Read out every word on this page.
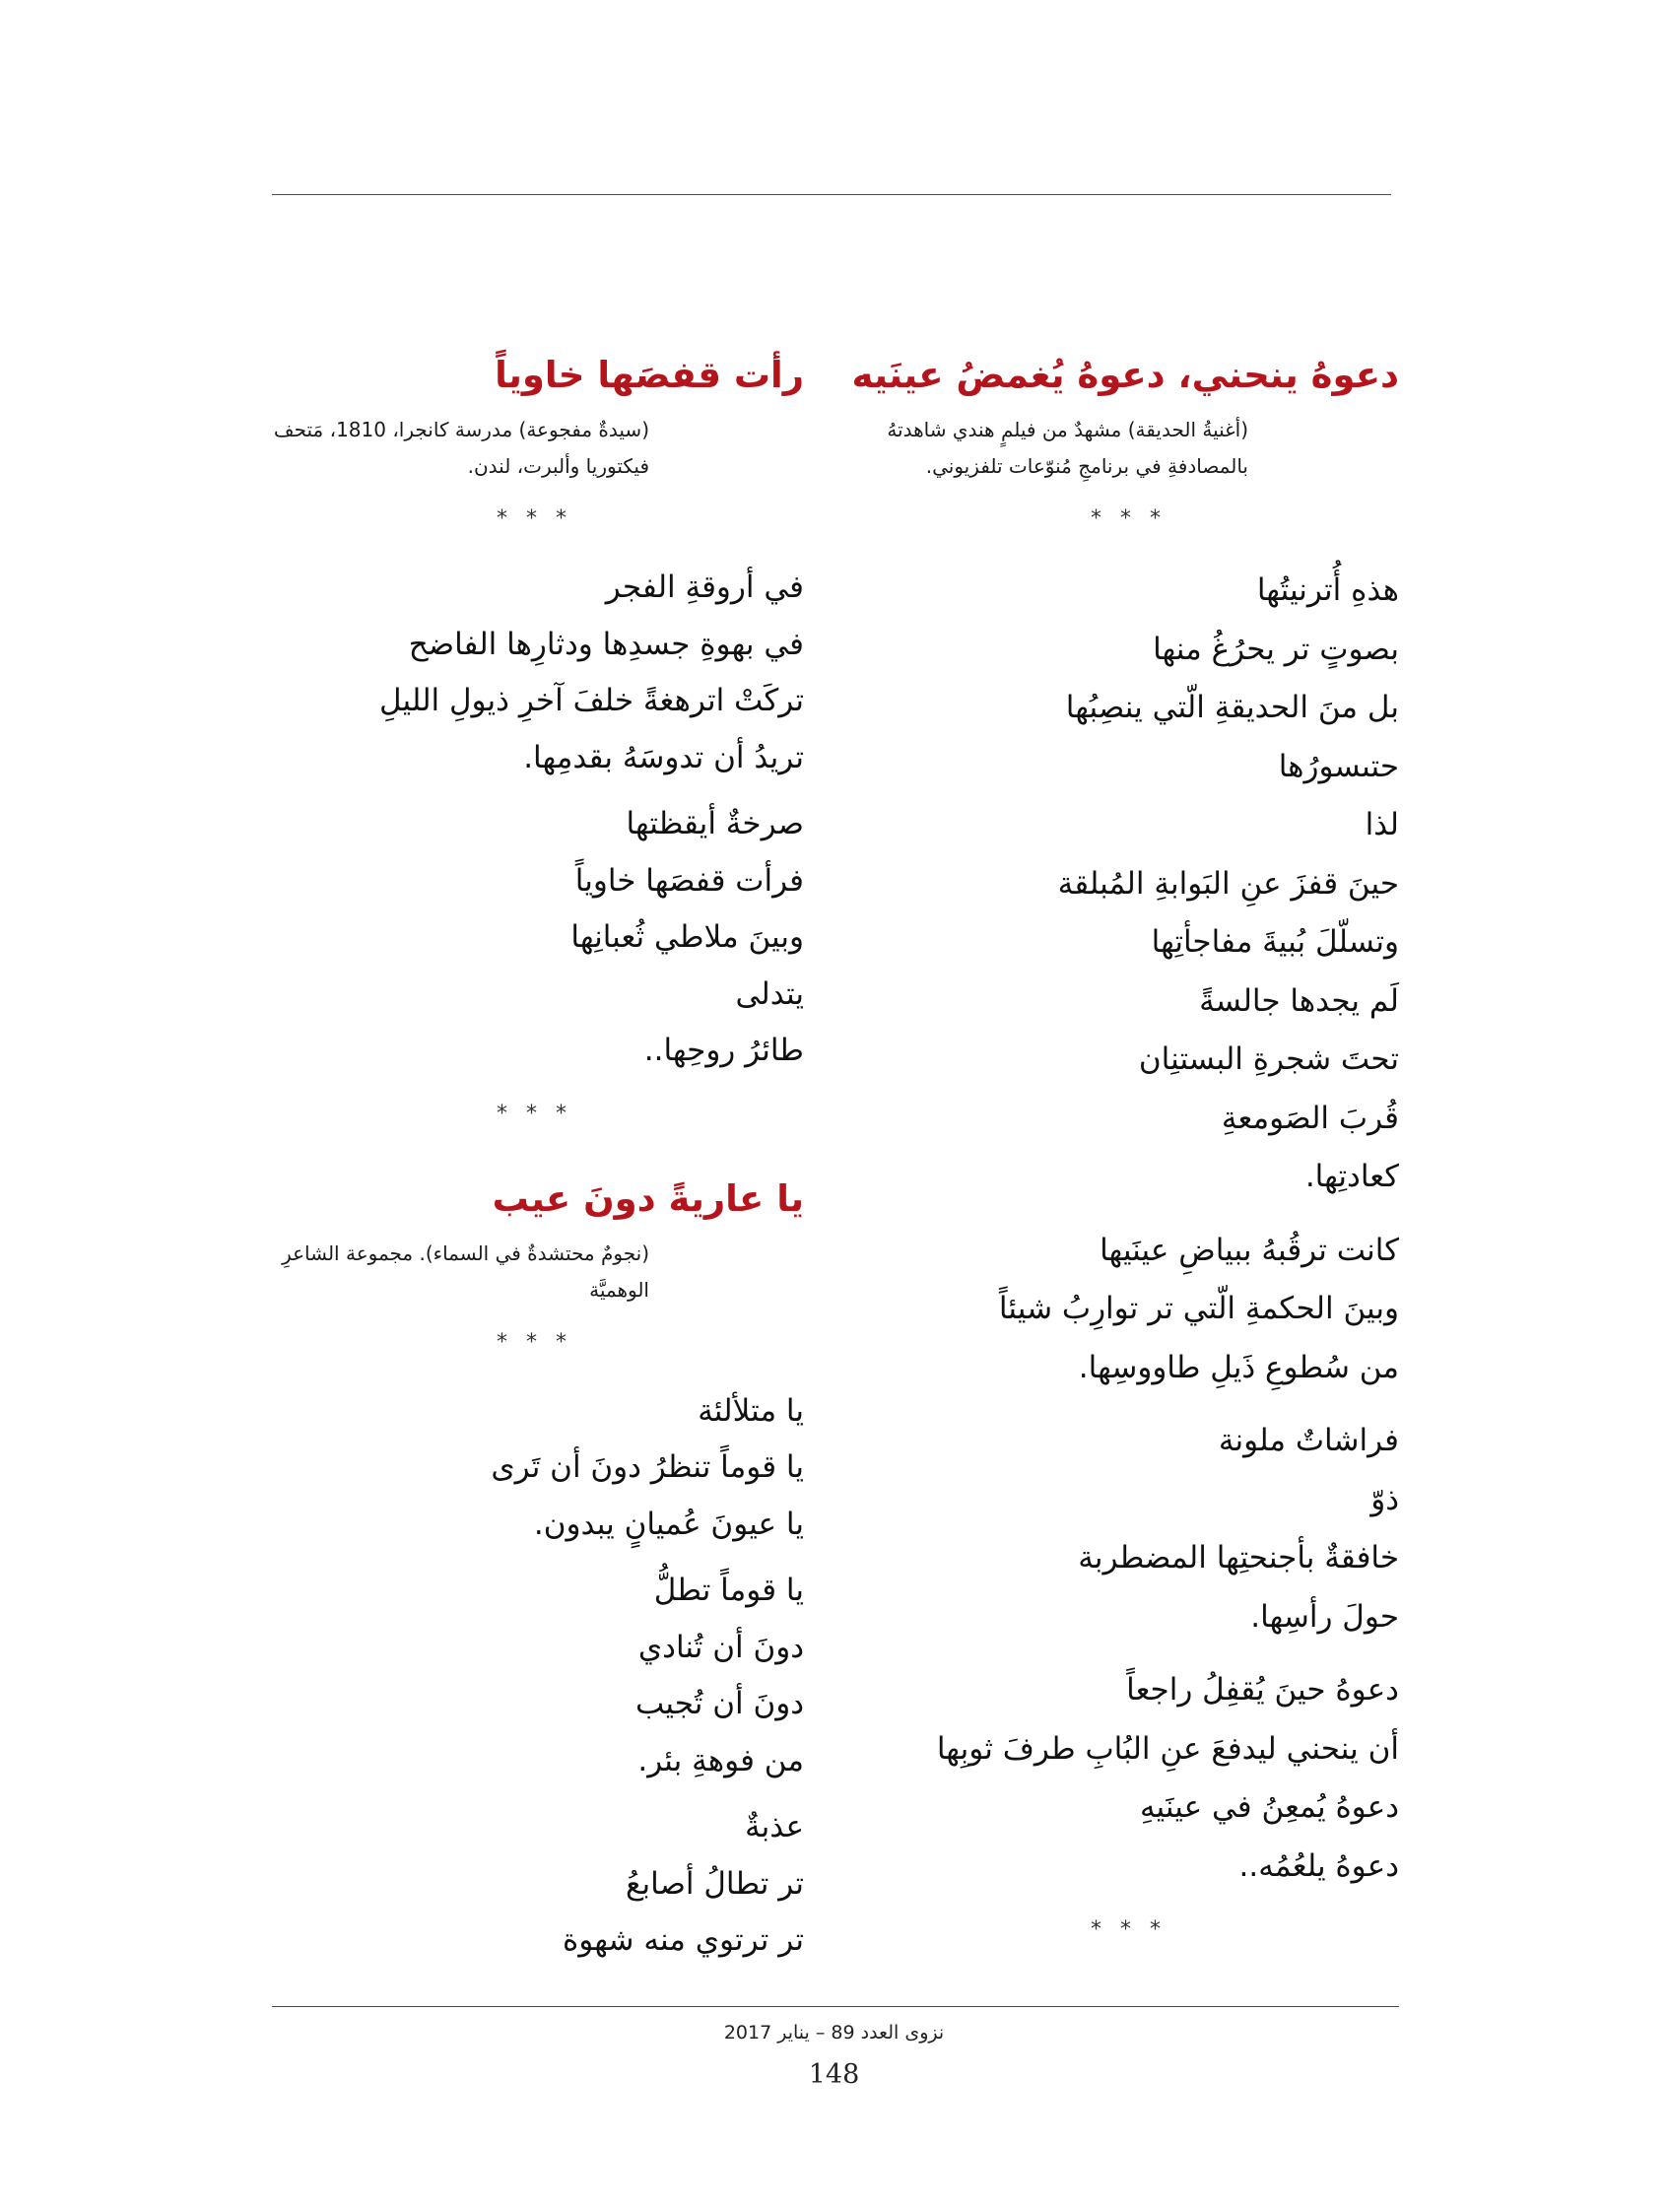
دعوهُ ينحني، دعوهُ يُغمضُ عينَيه

(أغنيةُ الحديقة) مشهدٌ من فيلمٍ هندي شاهدتهُ بالمصادفةِ في برنامجِ مُنوّعات تلفزيوني.

* * *
هذهِ أُترنيتُها
بصوتٍ تر يحرُغُ منها
بل منَ الحديقةِ الّتي ينصِبُها
حتىسورُها
لذا
حينَ قفزَ عنِ البَوابةِ المُبلقة
وتسلّلَ بُبيةَ مفاجأتِها
لَم يجدها جالسةً
تحتَ شجرةِ البستنِان
قُربَ الصَومعةِ
كعادتِها.
كانت ترقُبهُ ببياضِ عينَيها
وبينَ الحكمةِ الّتي تر توارِبُ شيئاً
من سُطوعِ ذَيلِ طاووسِها.
فراشاتٌ ملونة
ذوّ
خافقةٌ بأجنحتِها المضطربة
حولَ رأسِها.
دعوهُ حينَ يُقفِلُ راجعاً
أن ينحني ليدفعَ عنِ البُابِ طرفَ ثوبِها
دعوهُ يُمعِنُ في عينَيهِ
دعوهُ يلعُمُه..
* * *
رأت قفصَها خاوياً

(سيدةٌ مفجوعة) مدرسة كانجرا، 1810، مَتحف فيكتوريا وألبرت، لندن.

* * *
في أروقةِ الفجر
في بهوةِ جسدِها ودثارِها الفاضح
تركَتْ اترهغةً خلفَ آخرِ ذيولِ الليلِ
تريدُ أن تدوسَهُ بقدمِها.
صرخةٌ أيقظتها
فرأت قفصَها خاوياً
وبينَ ملاطي ثُعبانِها
يتدلى
طائرُ روحِها..
* * *
يا عاريةً دونَ عيب

(نجومٌ محتشدةٌ في السماء). مجموعة الشاعرِ الوهميَّة

* * *
يا متلألئة
يا قوماً تنظرُ دونَ أن تَرى
يا عيونَ عُميانٍ يبدون.
يا قوماً تطلُّ
دونَ أن تُنادي
دونَ أن تُجيب
من فوهةِ بئر.
عذبةٌ
تر تطالُ أصابعُ
تر ترتوي منه شهوة
نزوى العدد 89 – يناير 2017
148
